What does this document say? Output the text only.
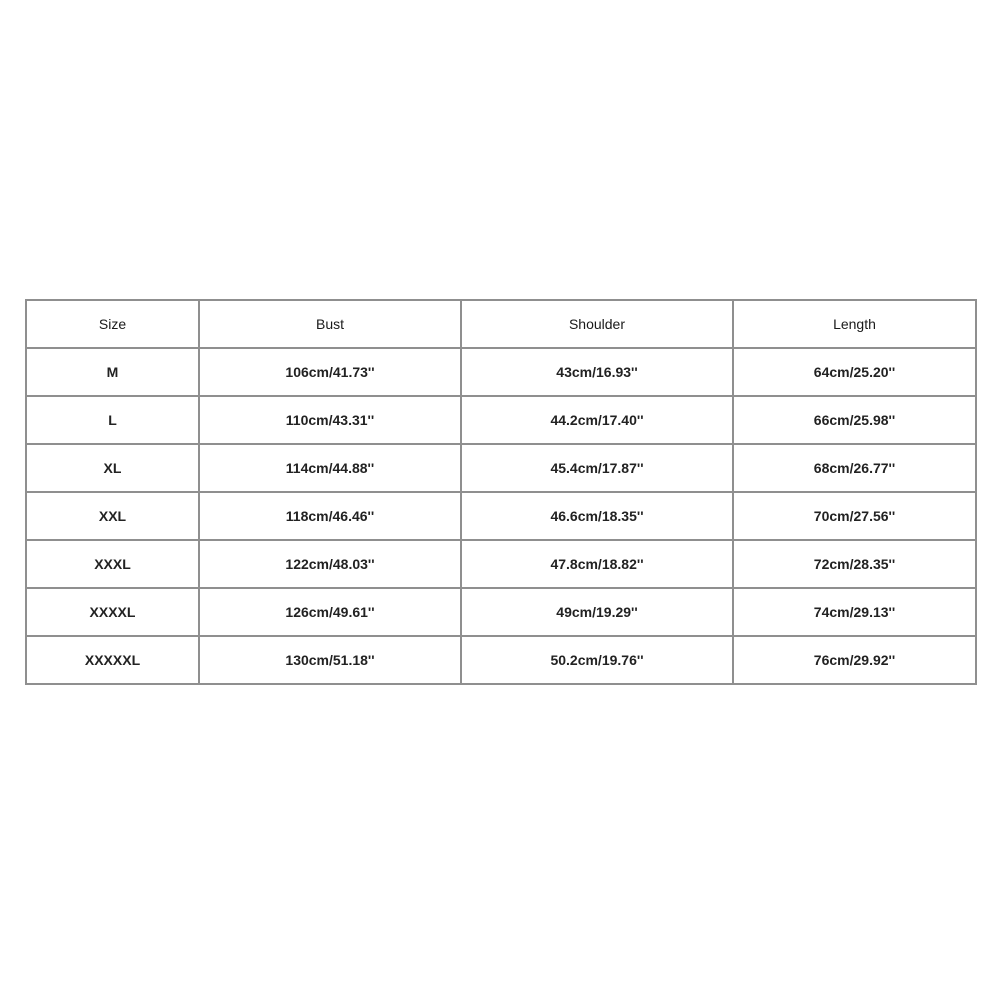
Size	Bust	Shoulder	Length
M	106cm/41.73''	43cm/16.93''	64cm/25.20''
L	110cm/43.31''	44.2cm/17.40''	66cm/25.98''
XL	114cm/44.88''	45.4cm/17.87''	68cm/26.77''
XXL	118cm/46.46''	46.6cm/18.35''	70cm/27.56''
XXXL	122cm/48.03''	47.8cm/18.82''	72cm/28.35''
XXXXL	126cm/49.61''	49cm/19.29''	74cm/29.13''
XXXXXL	130cm/51.18''	50.2cm/19.76''	76cm/29.92''
